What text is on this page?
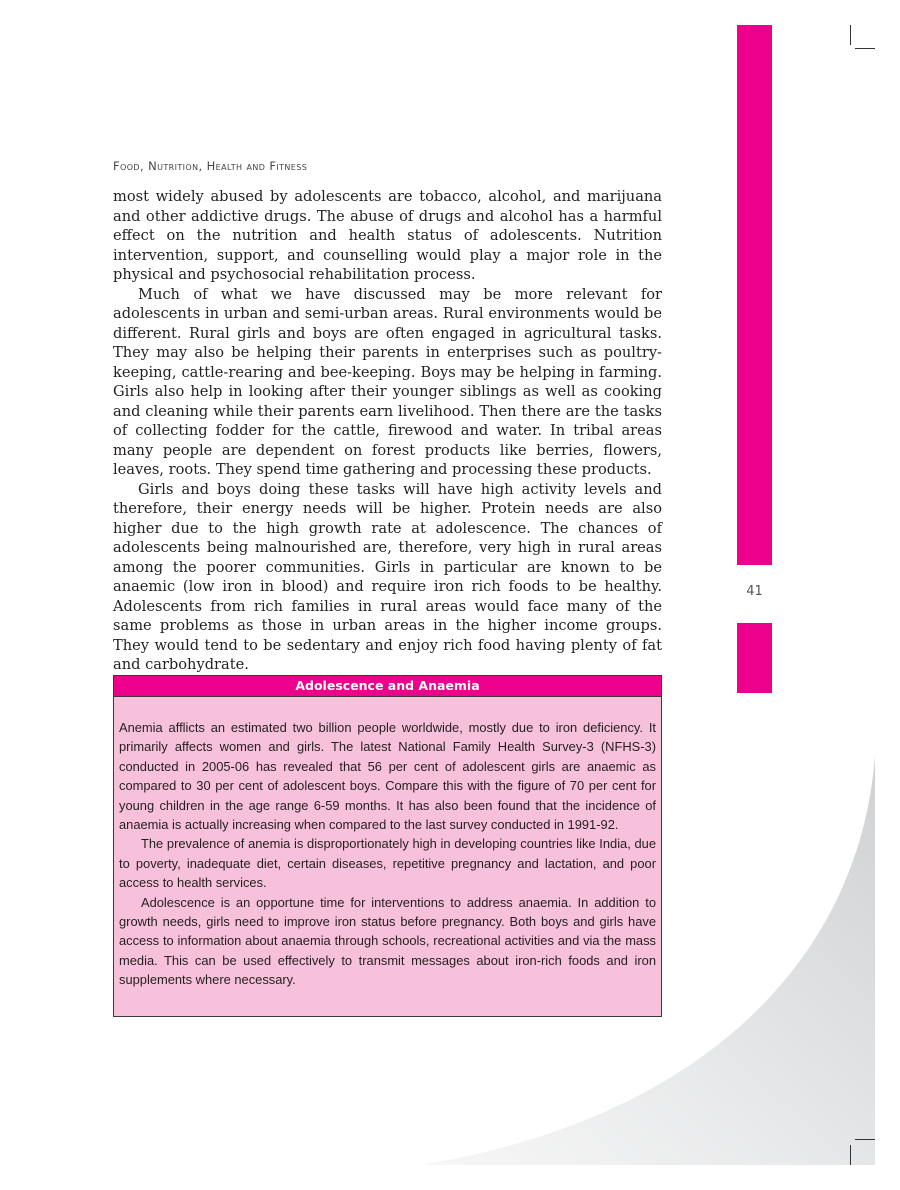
41
Food, Nutrition, Health and Fitness

most widely abused by adolescents are tobacco, alcohol, and marijuana and other addictive drugs. The abuse of drugs and alcohol has a harmful effect on the nutrition and health status of adolescents. Nutrition intervention, support, and counselling would play a major role in the physical and psychosocial rehabilitation process.

Much of what we have discussed may be more relevant for adolescents in urban and semi-urban areas. Rural environments would be different. Rural girls and boys are often engaged in agricultural tasks. They may also be helping their parents in enterprises such as poultry-keeping, cattle-rearing and bee-keeping. Boys may be helping in farming. Girls also help in looking after their younger siblings as well as cooking and cleaning while their parents earn livelihood. Then there are the tasks of collecting fodder for the cattle, firewood and water. In tribal areas many people are dependent on forest products like berries, flowers, leaves, roots. They spend time gathering and processing these products.

Girls and boys doing these tasks will have high activity levels and therefore, their energy needs will be higher. Protein needs are also higher due to the high growth rate at adolescence. The chances of adolescents being malnourished are, therefore, very high in rural areas among the poorer communities. Girls in particular are known to be anaemic (low iron in blood) and require iron rich foods to be healthy. Adolescents from rich families in rural areas would face many of the same problems as those in urban areas in the higher income groups. They would tend to be sedentary and enjoy rich food having plenty of fat and carbohydrate.

Adolescence and Anaemia

Anemia afflicts an estimated two billion people worldwide, mostly due to iron deficiency. It primarily affects women and girls. The latest National Family Health Survey-3 (NFHS-3) conducted in 2005-06 has revealed that 56 per cent of adolescent girls are anaemic as compared to 30 per cent of adolescent boys. Compare this with the figure of 70 per cent for young children in the age range 6-59 months. It has also been found that the incidence of anaemia is actually increasing when compared to the last survey conducted in 1991-92.

The prevalence of anemia is disproportionately high in developing countries like India, due to poverty, inadequate diet, certain diseases, repetitive pregnancy and lactation, and poor access to health services.

Adolescence is an opportune time for interventions to address anaemia. In addition to growth needs, girls need to improve iron status before pregnancy. Both boys and girls have access to information about anaemia through schools, recreational activities and via the mass media. This can be used effectively to transmit messages about iron-rich foods and iron supplements where necessary.
